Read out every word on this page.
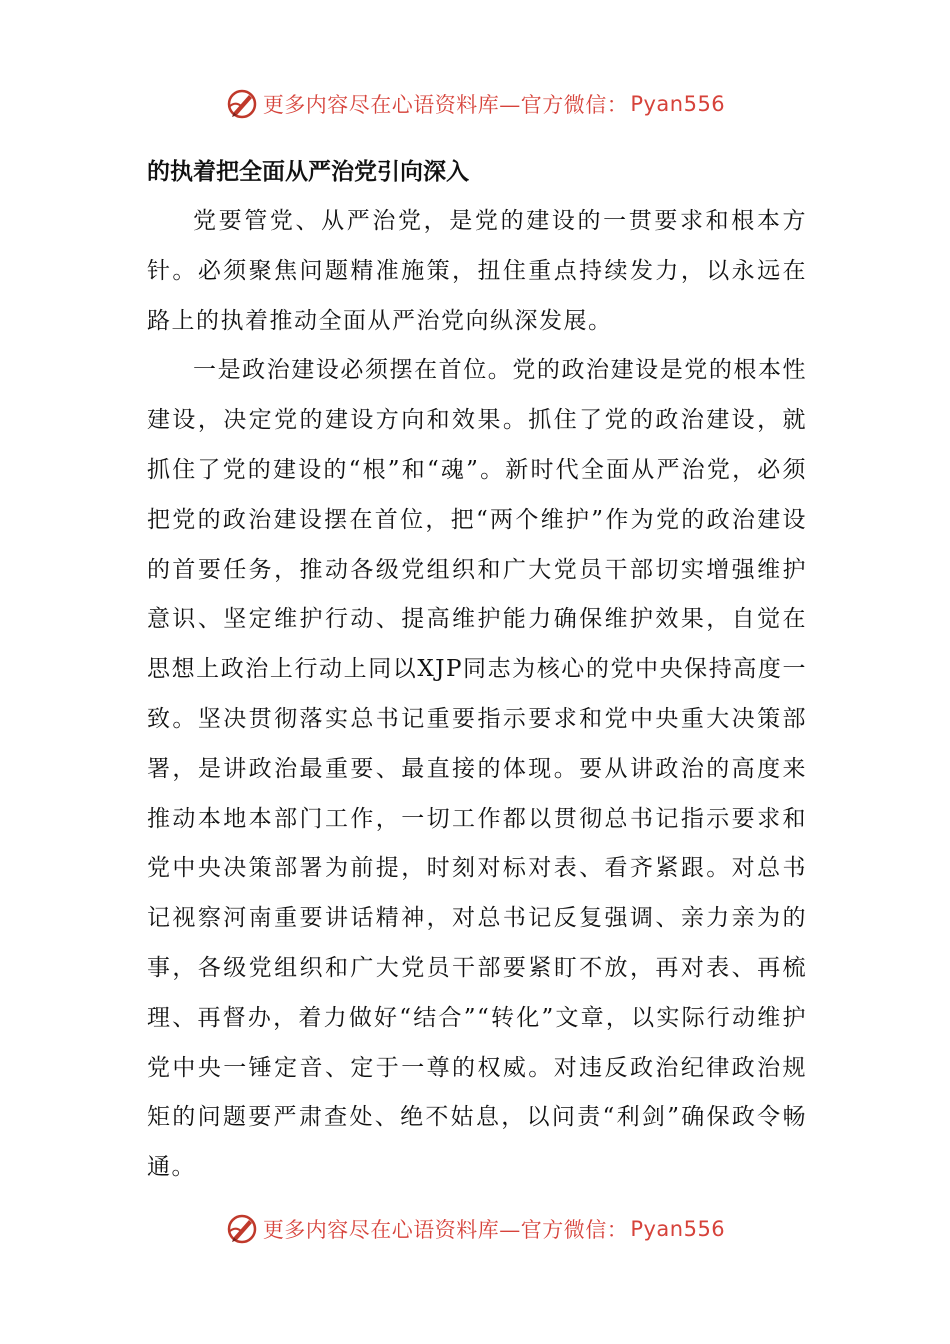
更多内容尽在心语资料库—官方微信： Pyan556
的执着把全面从严治党引向深入

党要管党、从严治党，是党的建设的一贯要求和根本方针。必须聚焦问题精准施策，扭住重点持续发力，以永远在路上的执着推动全面从严治党向纵深发展。

一是政治建设必须摆在首位。党的政治建设是党的根本性建设，决定党的建设方向和效果。抓住了党的政治建设，就抓住了党的建设的“根”和“魂”。新时代全面从严治党，必须把党的政治建设摆在首位，把“两个维护”作为党的政治建设的首要任务，推动各级党组织和广大党员干部切实增强维护意识、坚定维护行动、提高维护能力确保维护效果，自觉在思想上政治上行动上同以XJP同志为核心的党中央保持高度一致。坚决贯彻落实总书记重要指示要求和党中央重大决策部署，是讲政治最重要、最直接的体现。要从讲政治的高度来推动本地本部门工作，一切工作都以贯彻总书记指示要求和党中央决策部署为前提，时刻对标对表、看齐紧跟。对总书记视察河南重要讲话精神，对总书记反复强调、亲力亲为的事，各级党组织和广大党员干部要紧盯不放，再对表、再梳理、再督办，着力做好“结合”“转化”文章，以实际行动维护党中央一锤定音、定于一尊的权威。对违反政治纪律政治规矩的问题要严肃查处、绝不姑息，以问责“利剑”确保政令畅通。

更多内容尽在心语资料库—官方微信： Pyan556
